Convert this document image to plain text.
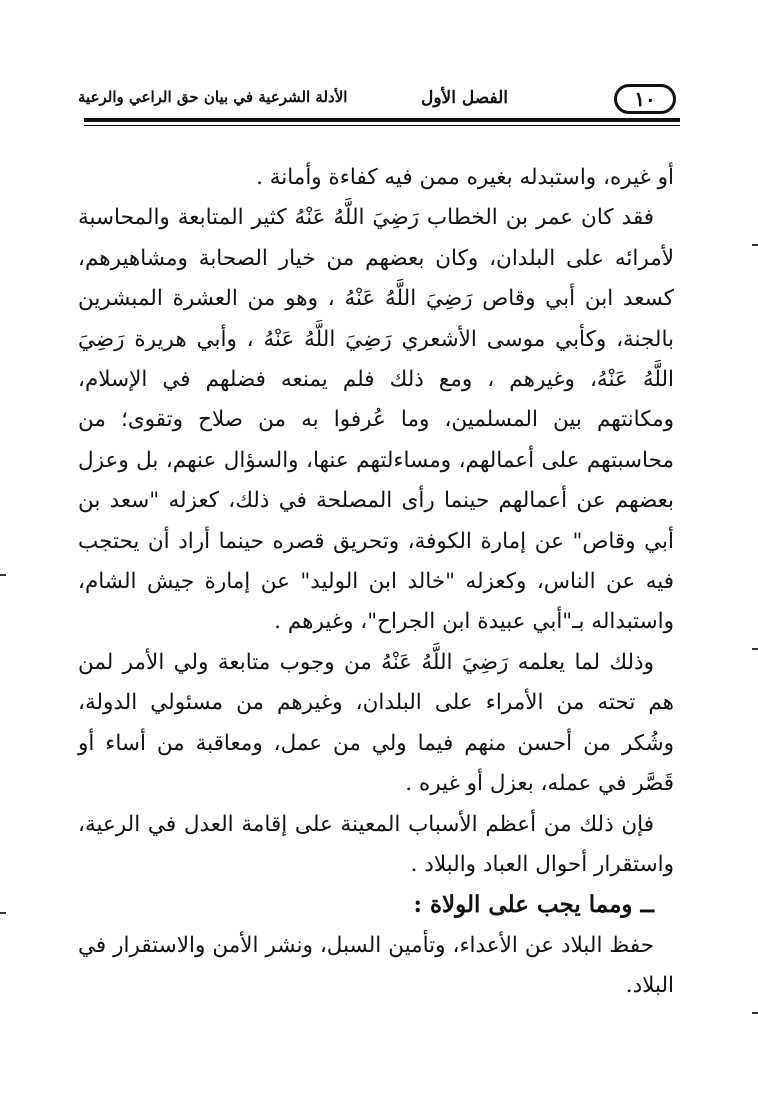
١٠
الفصل الأول
الأدلة الشرعية في بيان حق الراعي والرعية

أو غيره، واستبدله بغيره ممن فيه كفاءة وأمانة .

فقد كان عمر بن الخطاب رَضِيَ اللَّهُ عَنْهُ كثير المتابعة والمحاسبة لأمرائه على البلدان، وكان بعضهم من خيار الصحابة ومشاهيرهم، كسعد ابن أبي وقاص رَضِيَ اللَّهُ عَنْهُ ، وهو من العشرة المبشرين بالجنة، وكأبي موسى الأشعري رَضِيَ اللَّهُ عَنْهُ ، وأبي هريرة رَضِيَ اللَّهُ عَنْهُ، وغيرهم ، ومع ذلك فلم يمنعه فضلهم في الإسلام، ومكانتهم بين المسلمين، وما عُرفوا به من صلاح وتقوى؛ من محاسبتهم على أعمالهم، ومساءلتهم عنها، والسؤال عنهم، بل وعزل بعضهم عن أعمالهم حينما رأى المصلحة في ذلك، كعزله "سعد بن أبي وقاص" عن إمارة الكوفة، وتحريق قصره حينما أراد أن يحتجب فيه عن الناس، وكعزله "خالد ابن الوليد" عن إمارة جيش الشام، واستبداله بـ"أبي عبيدة ابن الجراح"، وغيرهم .

وذلك لما يعلمه رَضِيَ اللَّهُ عَنْهُ من وجوب متابعة ولي الأمر لمن هم تحته من الأمراء على البلدان، وغيرهم من مسئولي الدولة، وشُكر من أحسن منهم فيما ولي من عمل، ومعاقبة من أساء أو قَصَّر في عمله، بعزل أو غيره .

فإن ذلك من أعظم الأسباب المعينة على إقامة العدل في الرعية، واستقرار أحوال العباد والبلاد .

ــ ومما يجب على الولاة :

حفظ البلاد عن الأعداء، وتأمين السبل، ونشر الأمن والاستقرار في البلاد.
